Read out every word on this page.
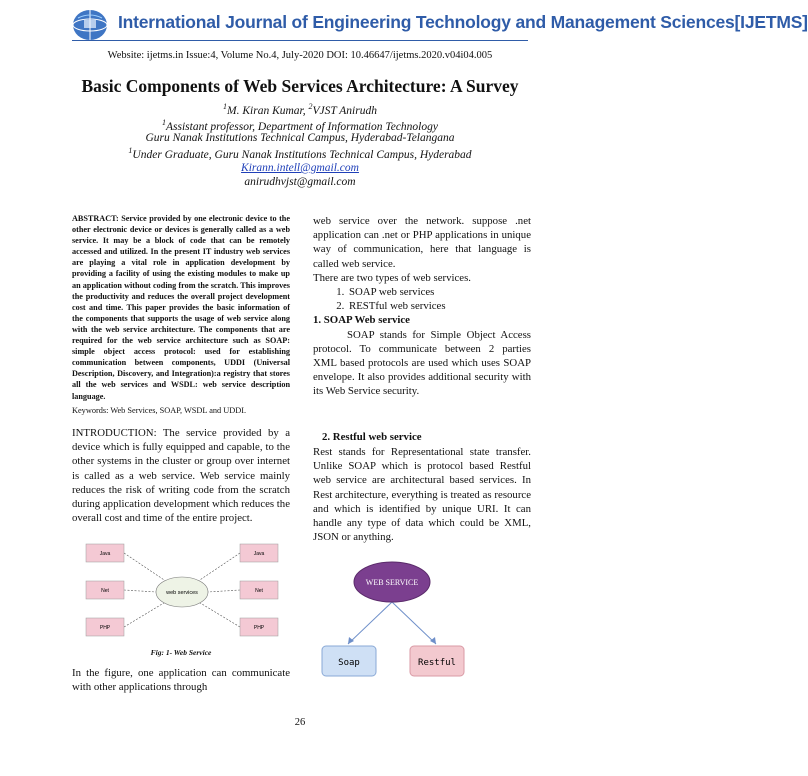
International Journal of Engineering Technology and Management Sciences[IJETMS]
Website: ijetms.in Issue:4, Volume No.4, July-2020 DOI: 10.46647/ijetms.2020.v04i04.005
Basic Components of Web Services Architecture: A Survey
$^1$M. Kiran Kumar, $^2$VJST Anirudh
$^1$Assistant professor, Department of Information Technology
Guru Nanak Institutions Technical Campus, Hyderabad-Telangana
$^1$Under Graduate, Guru Nanak Institutions Technical Campus, Hyderabad
Kirann.intell@gmail.com
anirudhvjst@gmail.com
ABSTRACT: Service provided by one electronic device to the other electronic device or devices is generally called as a web service. It may be a block of code that can be remotely accessed and utilized. In the present IT industry web services are playing a vital role in application development by providing a facility of using the existing modules to make up an application without coding from the scratch. This improves the productivity and reduces the overall project development cost and time. This paper provides the basic information of the components that supports the usage of web service along with the web service architecture. The components that are required for the web service architecture such as SOAP: simple object access protocol: used for establishing communication between components, UDDI (Universal Description, Discovery, and Integration):a registry that stores all the web services and WSDL: web service description language.
Keywords: Web Services, SOAP, WSDL and UDDI.
INTRODUCTION: The service provided by a device which is fully equipped and capable, to the other systems in the cluster or group over internet is called as a web service. Web service mainly reduces the risk of writing code from the scratch during application development which reduces the overall cost and time of the entire project.
Java
Net
PHP
Java
Net
PHP
web services
Fig: 1- Web Service
In the figure, one application can communicate with other applications through

web service over the network. suppose .net application can .net or PHP applications in unique way of communication, here that language is called web service.

There are two types of web services.

1. SOAP web services
2. RESTful web services

1. SOAP Web service

SOAP stands for Simple Object Access protocol. To communicate between 2 parties XML based protocols are used which uses SOAP envelope. It also provides additional security with its Web Service security.

2. Restful web service
Rest stands for Representational state transfer. Unlike SOAP which is protocol based Restful web service are architectural based services. In Rest architecture, everything is treated as resource and which is identified by unique URI. It can handle any type of data which could be XML, JSON or anything.
WEB SERVICE
Soap	Restful
26
